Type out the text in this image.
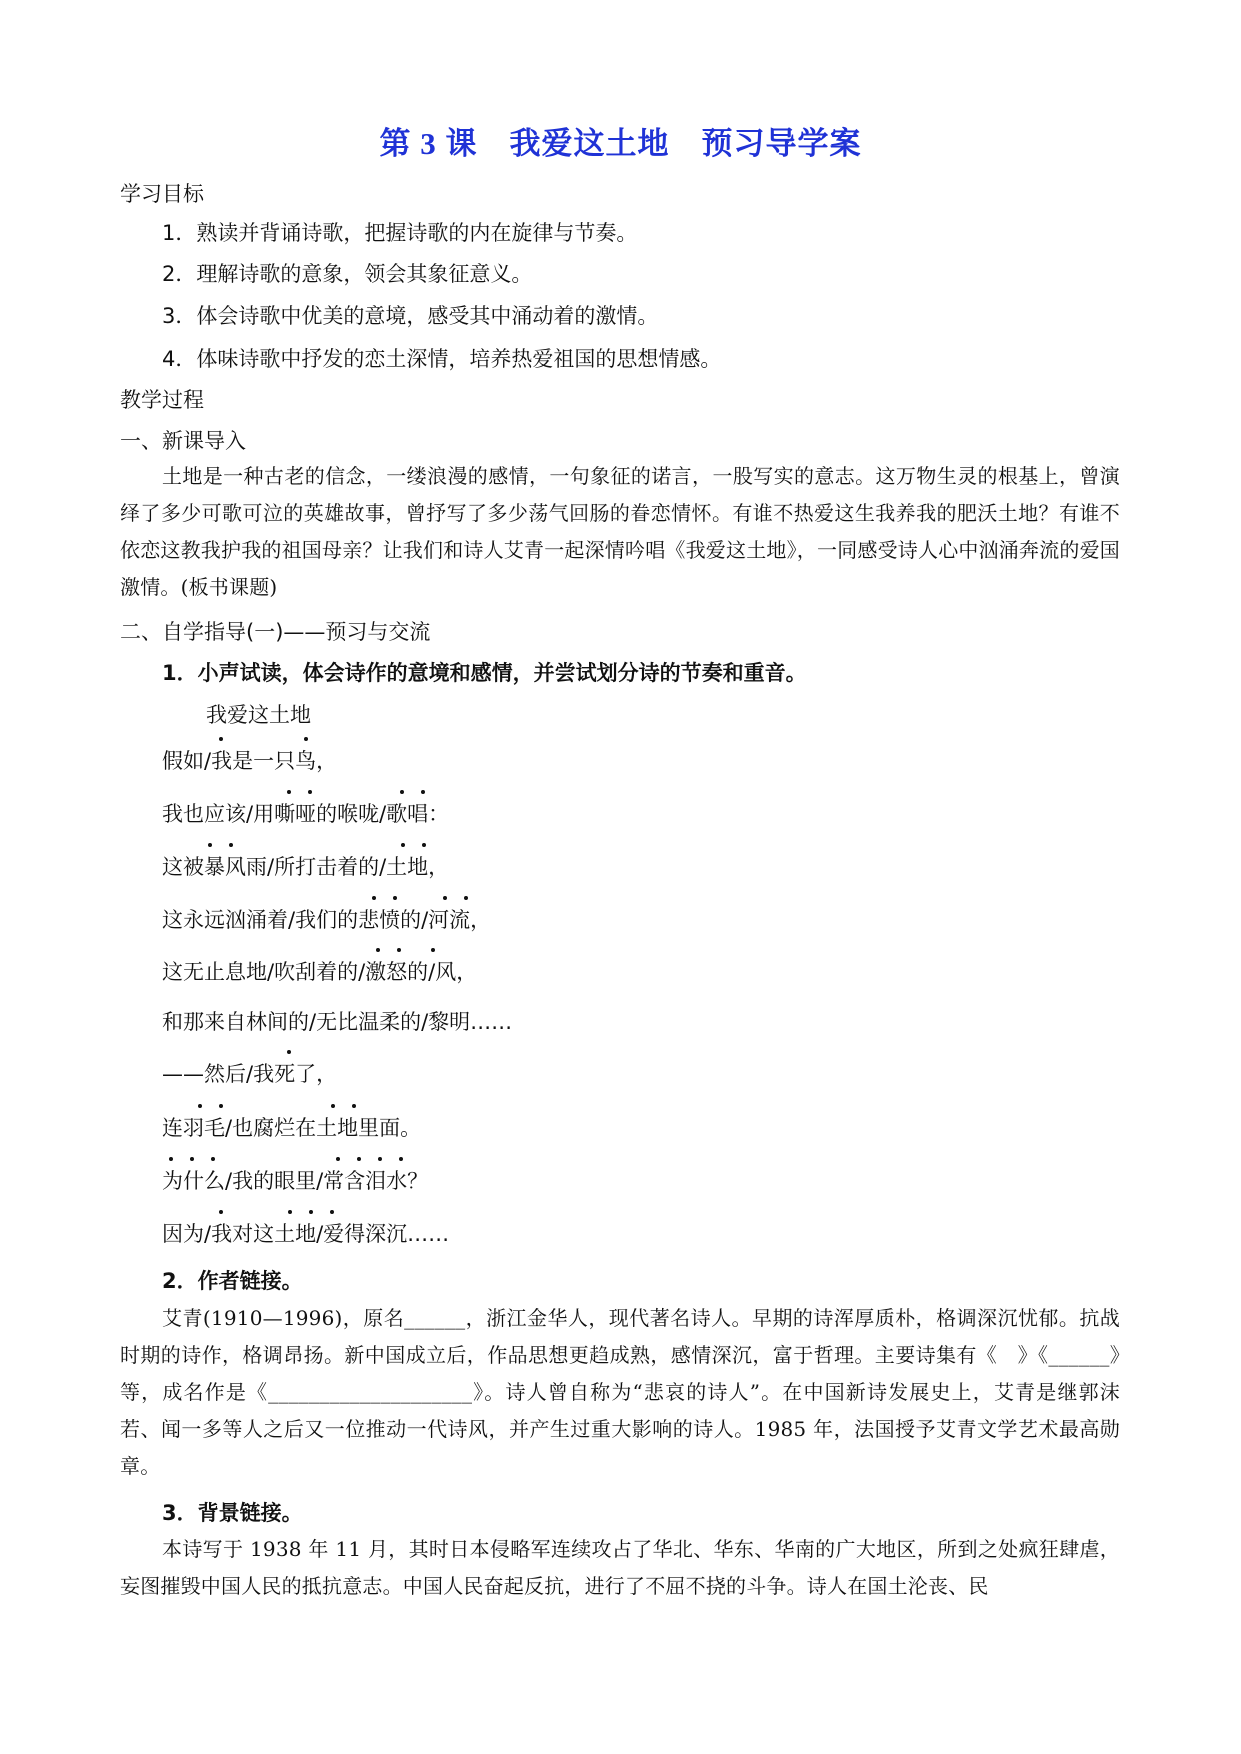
第 3 课　我爱这土地　预习导学案
学习目标
1．熟读并背诵诗歌，把握诗歌的内在旋律与节奏。
2．理解诗歌的意象，领会其象征意义。
3．体会诗歌中优美的意境，感受其中涌动着的激情。
4．体味诗歌中抒发的恋土深情，培养热爱祖国的思想情感。
教学过程
一、新课导入
土地是一种古老的信念，一缕浪漫的感情，一句象征的诺言，一股写实的意志。这万物生灵的根基上，曾演绎了多少可歌可泣的英雄故事，曾抒写了多少荡气回肠的眷恋情怀。有谁不热爱这生我养我的肥沃土地？有谁不依恋这教我护我的祖国母亲？让我们和诗人艾青一起深情吟唱《我爱这土地》，一同感受诗人心中汹涌奔流的爱国激情。(板书课题)
二、自学指导(一)——预习与交流
1．小声试读，体会诗作的意境和感情，并尝试划分诗的节奏和重音。
我爱这土地
假如/我是一只鸟，
我也应该/用嘶哑的喉咙/歌唱：
这被暴风雨/所打击着的/土地，
这永远汹涌着/我们的悲愤的/河流，
这无止息地/吹刮着的/激怒的/风，
和那来自林间的/无比温柔的/黎明……
——然后/我死了，
连羽毛/也腐烂在土地里面。
为什么/我的眼里/常含泪水？
因为/我对这土地/爱得深沉……
2．作者链接。
艾青(1910—1996)，原名______，浙江金华人，现代著名诗人。早期的诗浑厚质朴，格调深沉忧郁。抗战时期的诗作，格调昂扬。新中国成立后，作品思想更趋成熟，感情深沉，富于哲理。主要诗集有《　》《______》等，成名作是《____________________》。诗人曾自称为“悲哀的诗人”。在中国新诗发展史上，艾青是继郭沫若、闻一多等人之后又一位推动一代诗风，并产生过重大影响的诗人。1985 年，法国授予艾青文学艺术最高勋章。
3．背景链接。
本诗写于 1938 年 11 月，其时日本侵略军连续攻占了华北、华东、华南的广大地区，所到之处疯狂肆虐，妄图摧毁中国人民的抵抗意志。中国人民奋起反抗，进行了不屈不挠的斗争。诗人在国土沦丧、民
